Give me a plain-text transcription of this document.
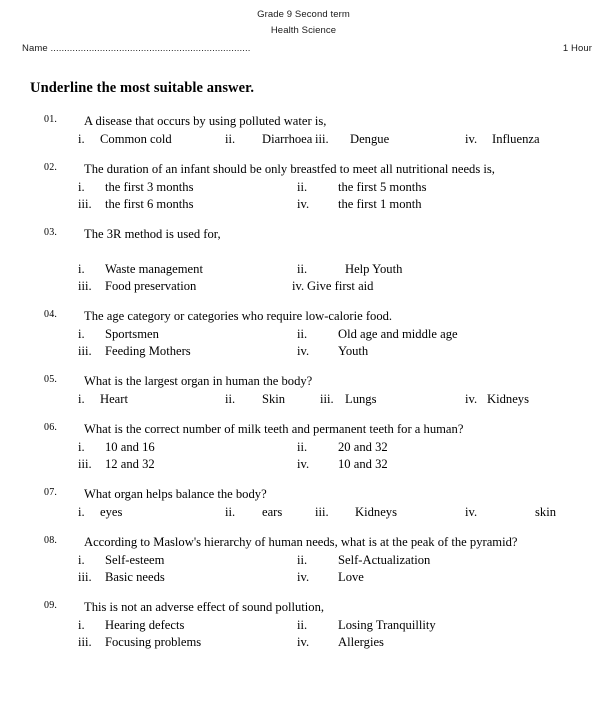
Grade 9 Second term
Health Science
Name .........................................................................	1 Hour
Underline the most suitable answer.
01. A disease that occurs by using polluted water is,
i. Common cold	ii. Diarrhoea iii. Dengue	iv. Influenza
02. The duration of an infant should be only breastfed to meet all nutritional needs is,
i. the first 3 months	ii. the first 5 months
iii. the first 6 months	iv. the first 1 month
03. The 3R method is used for,
i. Waste management	ii.	Help Youth
iii. Food preservation	iv. Give first aid
04. The age category or categories who require low-calorie food.
i. Sportsmen	ii. Old age and middle age
iii. Feeding Mothers	iv. Youth
05. What is the largest organ in human the body?
i. Heart	ii. Skin	iii. Lungs	iv. Kidneys
06. What is the correct number of milk teeth and permanent teeth for a human?
i. 10 and 16	ii. 20 and 32
iii. 12 and 32	iv. 10 and 32
07. What organ helps balance the body?
i. eyes	ii. ears	iii. Kidneys	iv.	skin
08. According to Maslow's hierarchy of human needs, what is at the peak of the pyramid?
i. Self-esteem	ii. Self-Actualization
iii. Basic needs	iv. Love
09. This is not an adverse effect of sound pollution,
i. Hearing defects	ii. Losing Tranquillity
iii. Focusing problems	iv. Allergies
